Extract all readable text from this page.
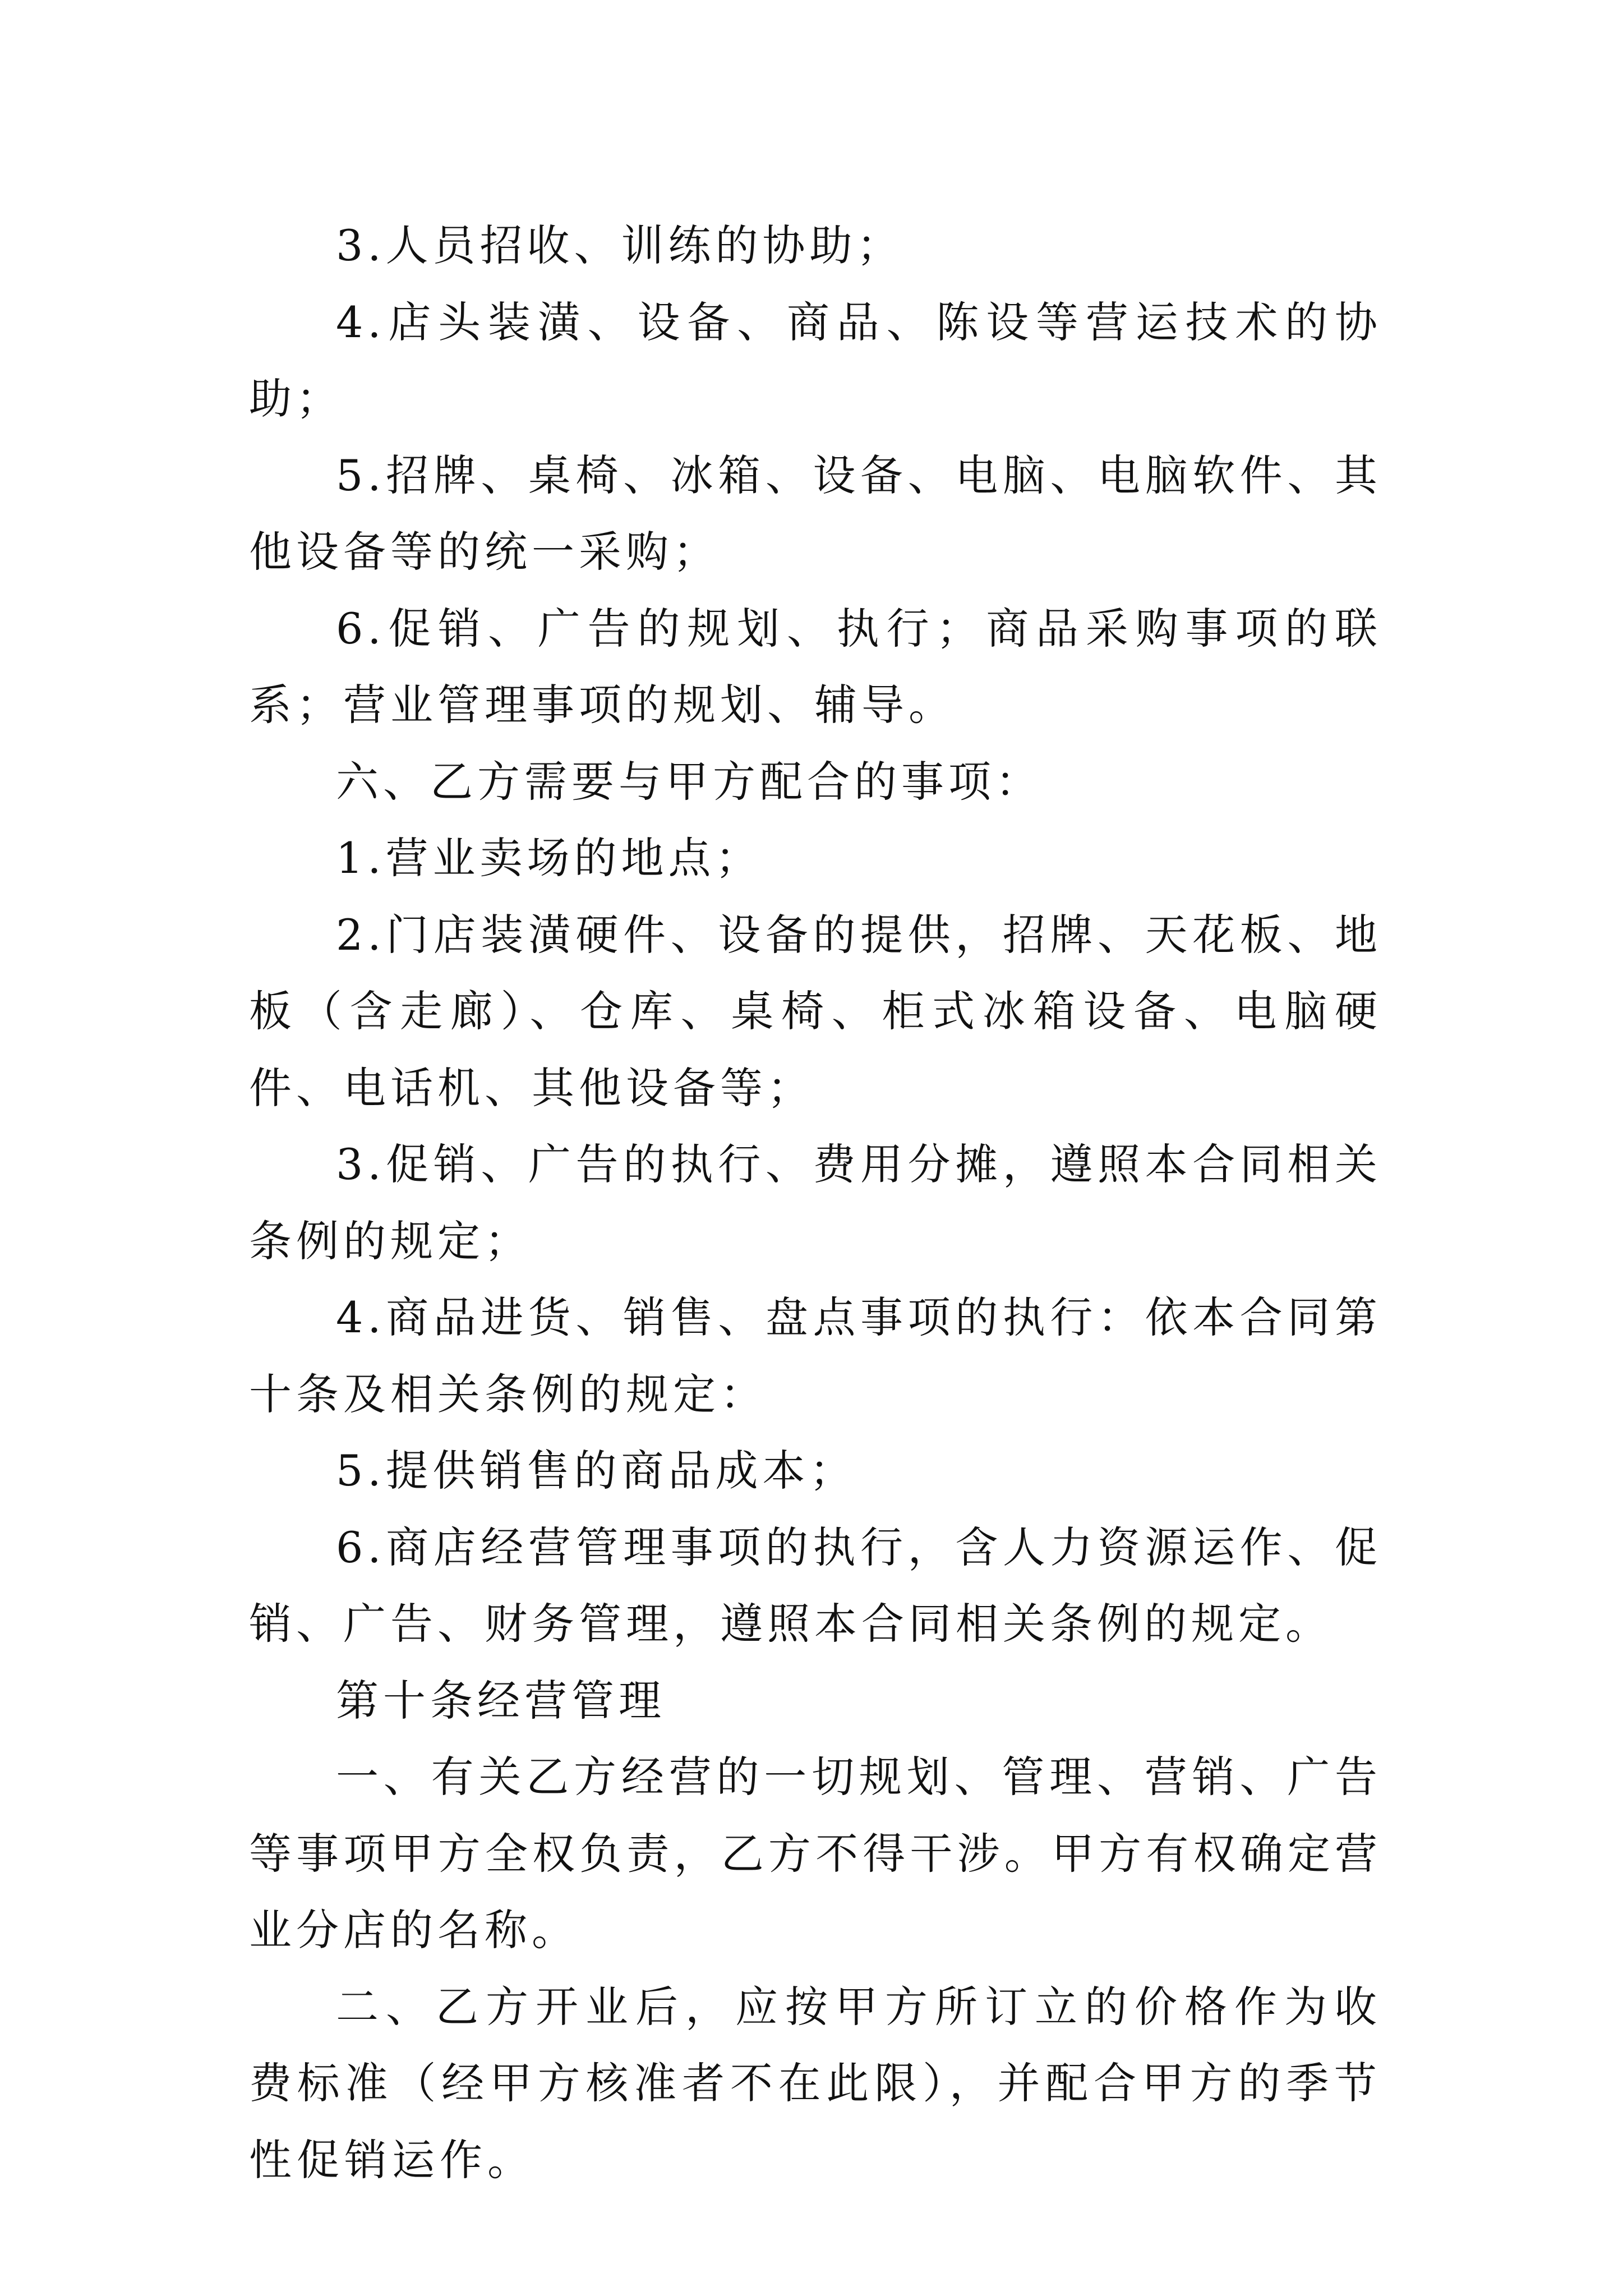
3.人员招收、训练的协助；

4.店头装潢、设备、商品、陈设等营运技术的协助；

5.招牌、桌椅、冰箱、设备、电脑、电脑软件、其他设备等的统一采购；

6.促销、广告的规划、执行；商品采购事项的联系；营业管理事项的规划、辅导。

六、乙方需要与甲方配合的事项：

1.营业卖场的地点；

2.门店装潢硬件、设备的提供，招牌、天花板、地板（含走廊）、仓库、桌椅、柜式冰箱设备、电脑硬件、电话机、其他设备等；

3.促销、广告的执行、费用分摊，遵照本合同相关条例的规定；

4.商品进货、销售、盘点事项的执行：依本合同第十条及相关条例的规定：

5.提供销售的商品成本；

6.商店经营管理事项的执行，含人力资源运作、促销、广告、财务管理，遵照本合同相关条例的规定。

第十条经营管理

一、有关乙方经营的一切规划、管理、营销、广告等事项甲方全权负责，乙方不得干涉。甲方有权确定营业分店的名称。

二、乙方开业后，应按甲方所订立的价格作为收费标准（经甲方核准者不在此限），并配合甲方的季节性促销运作。
